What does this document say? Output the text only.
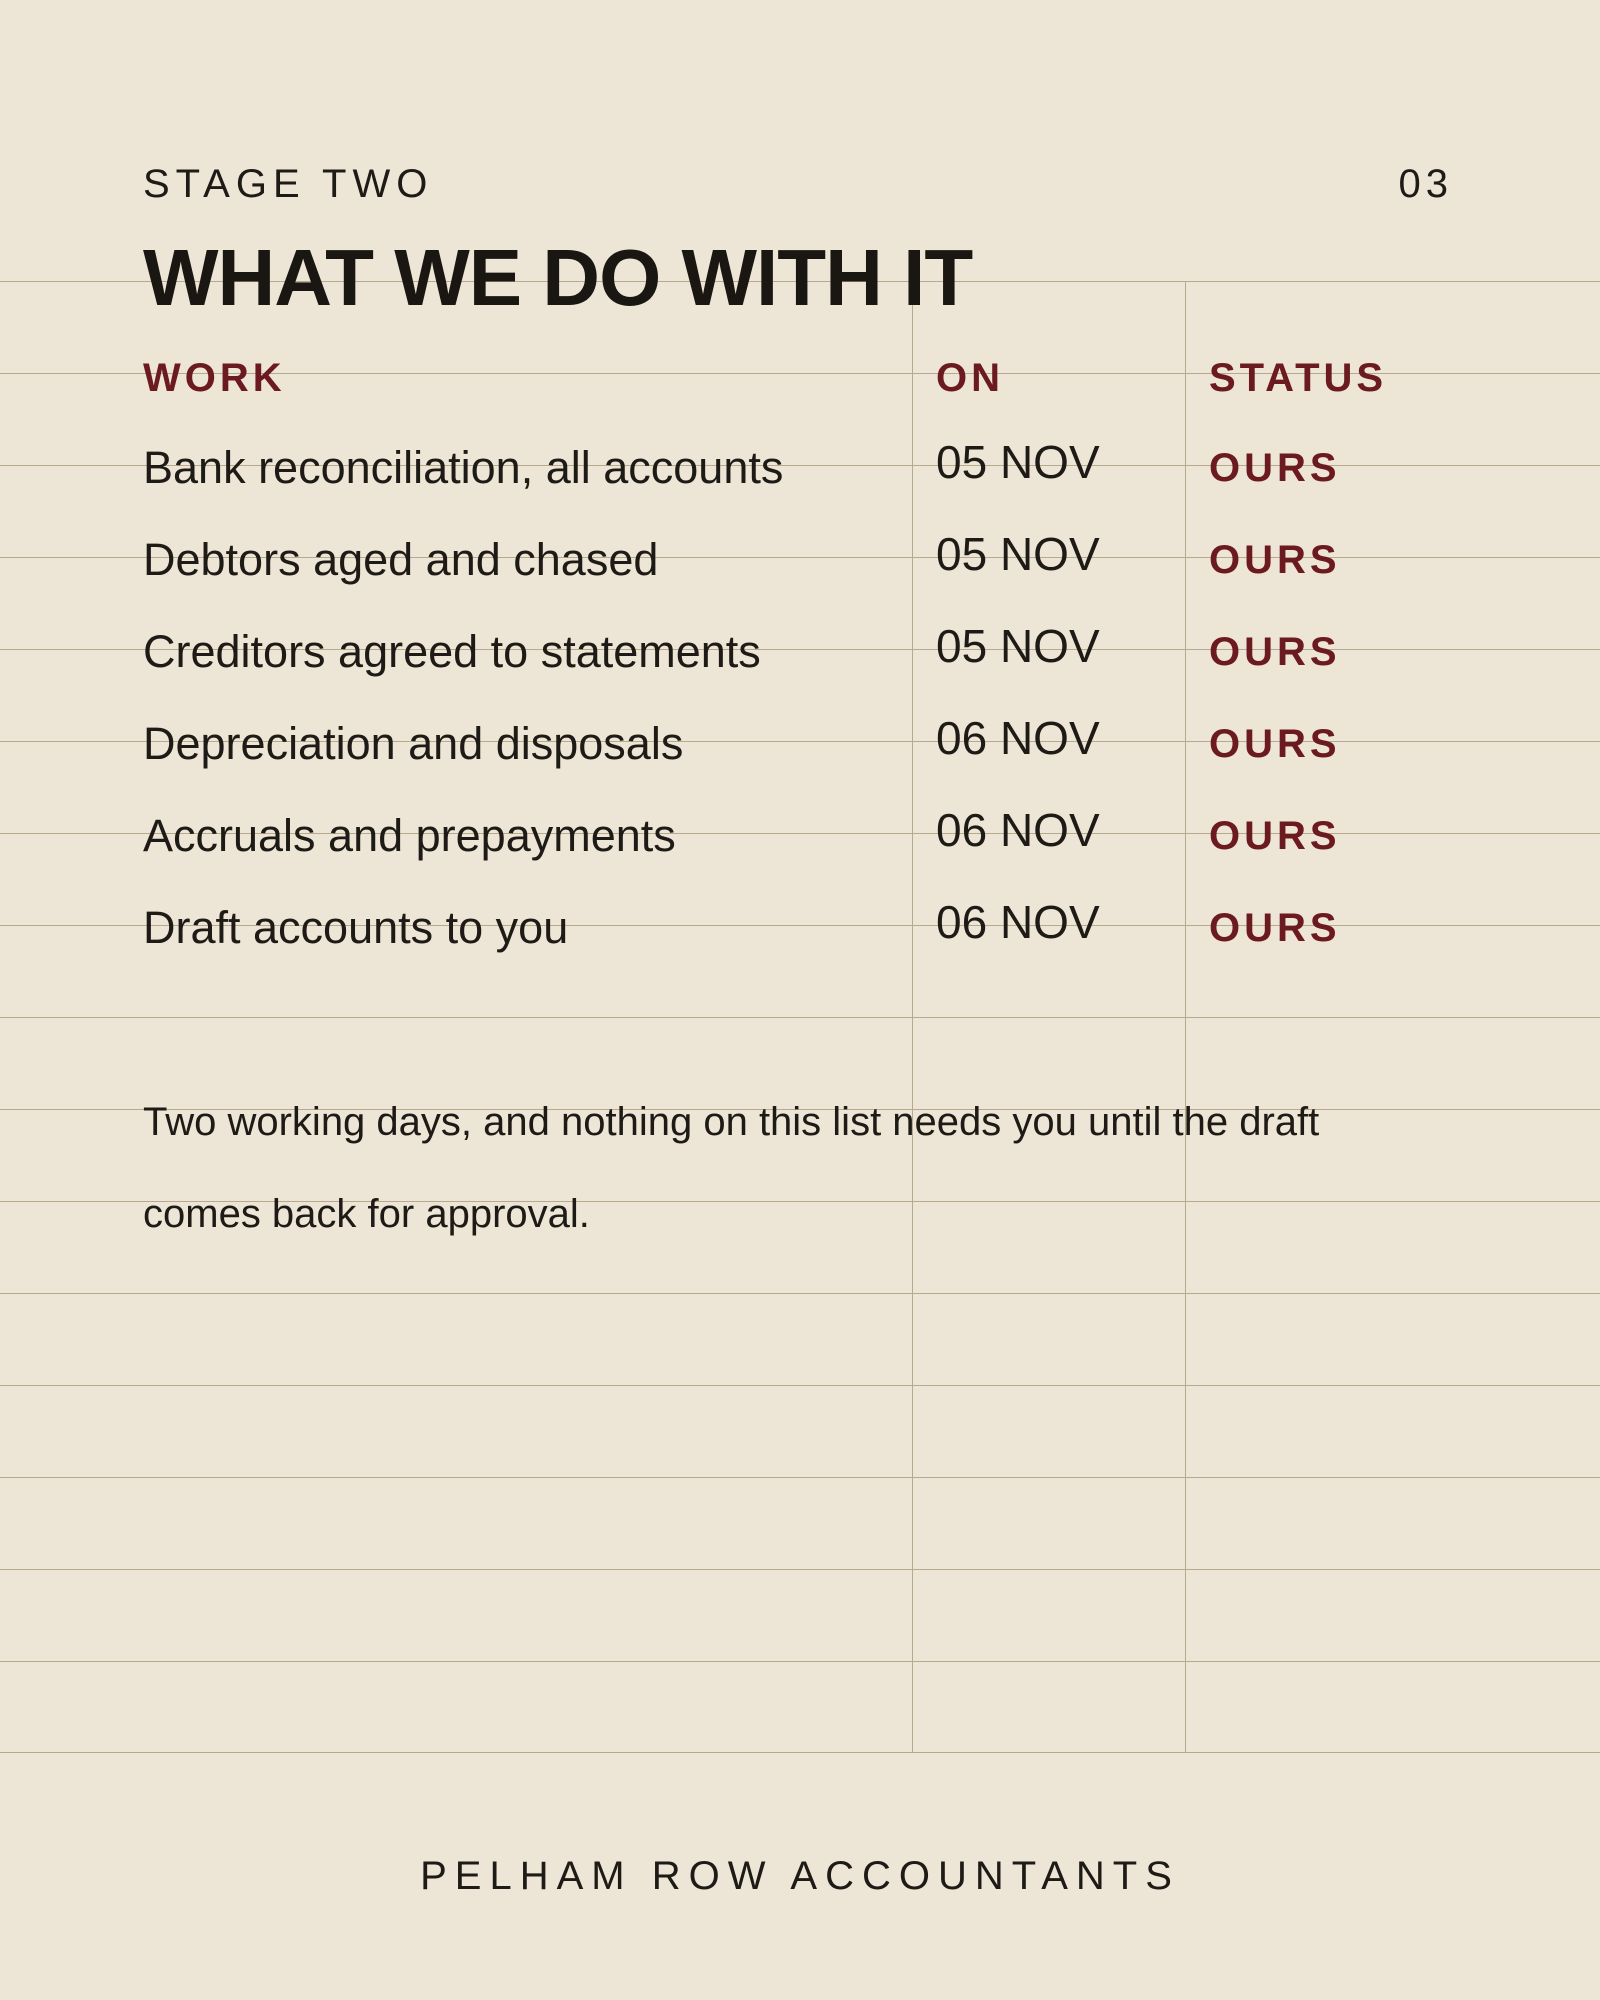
STAGE TWO	03
WHAT WE DO WITH IT
WORK	ON	STATUS
Bank reconciliation, all accounts	05 NOV	OURS
Debtors aged and chased	05 NOV	OURS
Creditors agreed to statements	05 NOV	OURS
Depreciation and disposals	06 NOV	OURS
Accruals and prepayments	06 NOV	OURS
Draft accounts to you	06 NOV	OURS

Two working days, and nothing on this list needs you until the draft comes back for approval.

PELHAM ROW ACCOUNTANTS
